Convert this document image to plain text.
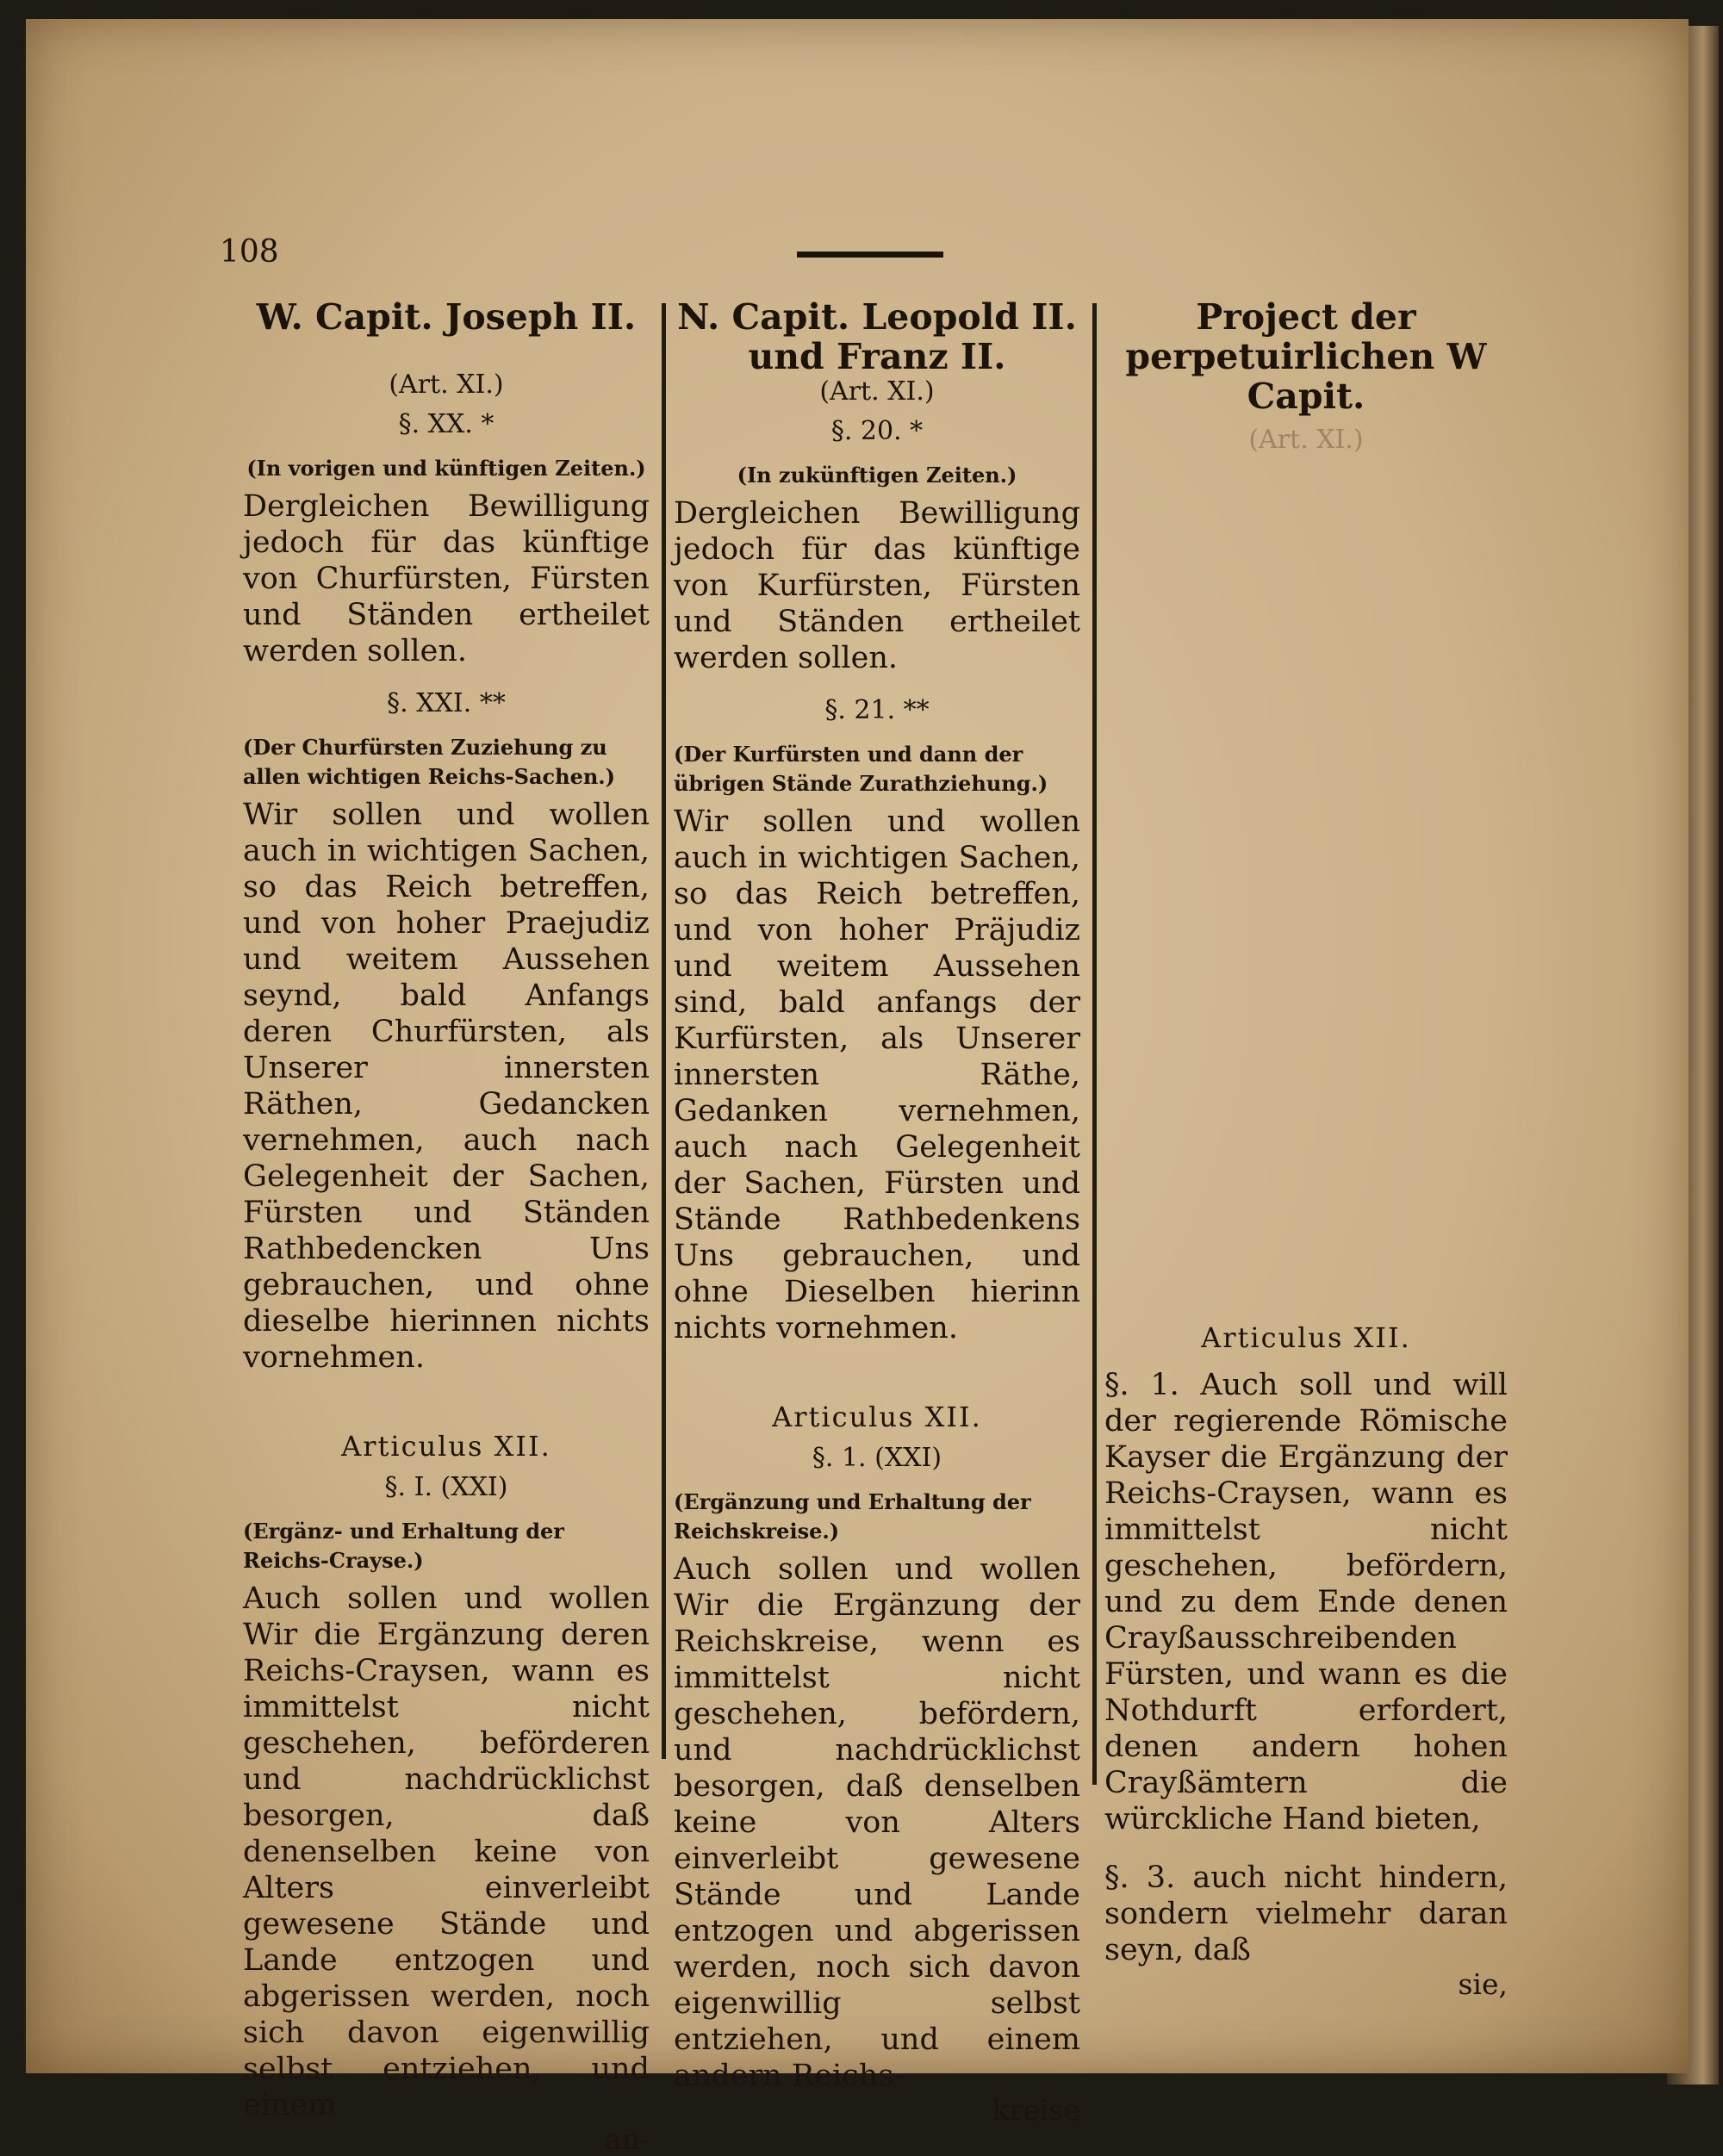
108

W. Capit. Joseph II.

(Art. XI.)
§. XX. *
(In vorigen und künftigen Zeiten.)
Dergleichen Bewilligung jedoch für das künftige von Churfürsten, Fürsten und Ständen ertheilet werden sollen.
§. XXI. **
(Der Churfürsten Zuziehung zu allen wichtigen Reichs-Sachen.)
Wir sollen und wollen auch in wichtigen Sachen, so das Reich betreffen, und von hoher Praejudiz und weitem Aussehen seynd, bald Anfangs deren Churfürsten, als Unserer innersten Räthen, Gedancken vernehmen, auch nach Gelegenheit der Sachen, Fürsten und Ständen Rathbedencken Uns gebrauchen, und ohne dieselbe hierinnen nichts vornehmen.
Articulus XII.
§. I. (XXI)
(Ergänz- und Erhaltung der Reichs-Crayse.)
Auch sollen und wollen Wir die Ergänzung deren Reichs-Craysen, wann es immittelst nicht geschehen, beförderen und nachdrücklichst besorgen, daß denenselben keine von Alters einverleibt gewesene Stände und Lande entzogen und abgerissen werden, noch sich davon eigenwillig selbst entziehen, und einem
an-

N. Capit. Leopold II. und Franz II.

(Art. XI.)
§. 20. *
(In zukünftigen Zeiten.)
Dergleichen Bewilligung jedoch für das künftige von Kurfürsten, Fürsten und Ständen ertheilet werden sollen.
§. 21. **
(Der Kurfürsten und dann der übrigen Stände Zurathziehung.)
Wir sollen und wollen auch in wichtigen Sachen, so das Reich betreffen, und von hoher Präjudiz und weitem Aussehen sind, bald anfangs der Kurfürsten, als Unserer innersten Räthe, Gedanken vernehmen, auch nach Gelegenheit der Sachen, Fürsten und Stände Rathbedenkens Uns gebrauchen, und ohne Dieselben hierinn nichts vornehmen.
Articulus XII.
§. 1. (XXI)
(Ergänzung und Erhaltung der Reichskreise.)
Auch sollen und wollen Wir die Ergänzung der Reichskreise, wenn es immittelst nicht geschehen, befördern, und nachdrücklichst besorgen, daß denselben keine von Alters einverleibt gewesene Stände und Lande entzogen und abgerissen werden, noch sich davon eigenwillig selbst entziehen, und einem andern Reichs-
kreise

Project der perpetuirlichen W Capit.

(Art. XI.)
Articulus XII.
§. 1. Auch soll und will der regierende Römische Kayser die Ergänzung der Reichs-Craysen, wann es immittelst nicht geschehen, befördern, und zu dem Ende denen Crayßausschreibenden Fürsten, und wann es die Nothdurft erfordert, denen andern hohen Crayßämtern die würckliche Hand bieten,
§. 3. auch nicht hindern, sondern vielmehr daran seyn, daß
sie,
